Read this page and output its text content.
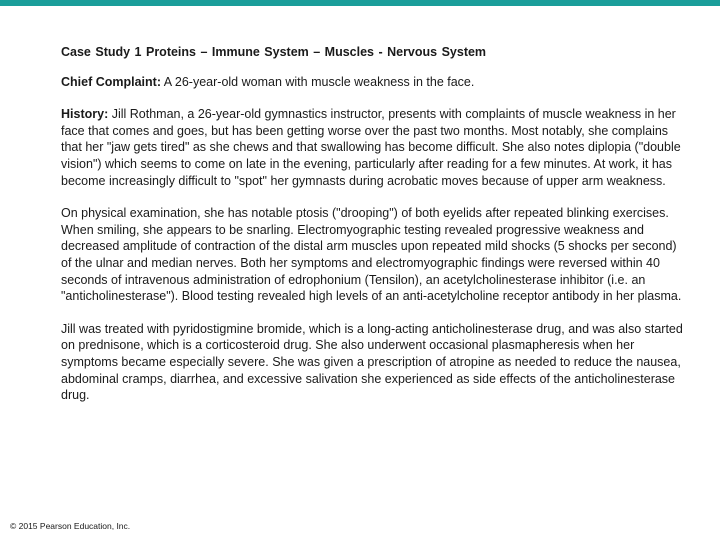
Case Study 1 Proteins – Immune System – Muscles - Nervous System

Chief Complaint: A 26-year-old woman with muscle weakness in the face.

History: Jill Rothman, a 26-year-old gymnastics instructor, presents with complaints of muscle weakness in her face that comes and goes, but has been getting worse over the past two months. Most notably, she complains that her "jaw gets tired" as she chews and that swallowing has become difficult. She also notes diplopia ("double vision") which seems to come on late in the evening, particularly after reading for a few minutes. At work, it has become increasingly difficult to "spot" her gymnasts during acrobatic moves because of upper arm weakness.

On physical examination, she has notable ptosis ("drooping") of both eyelids after repeated blinking exercises. When smiling, she appears to be snarling. Electromyographic testing revealed progressive weakness and decreased amplitude of contraction of the distal arm muscles upon repeated mild shocks (5 shocks per second) of the ulnar and median nerves. Both her symptoms and electromyographic findings were reversed within 40 seconds of intravenous administration of edrophonium (Tensilon), an acetylcholinesterase inhibitor (i.e. an "anticholinesterase"). Blood testing revealed high levels of an anti-acetylcholine receptor antibody in her plasma.

Jill was treated with pyridostigmine bromide, which is a long-acting anticholinesterase drug, and was also started on prednisone, which is a corticosteroid drug. She also underwent occasional plasmapheresis when her symptoms became especially severe. She was given a prescription of atropine as needed to reduce the nausea, abdominal cramps, diarrhea, and excessive salivation she experienced as side effects of the anticholinesterase drug.

© 2015 Pearson Education, Inc.
